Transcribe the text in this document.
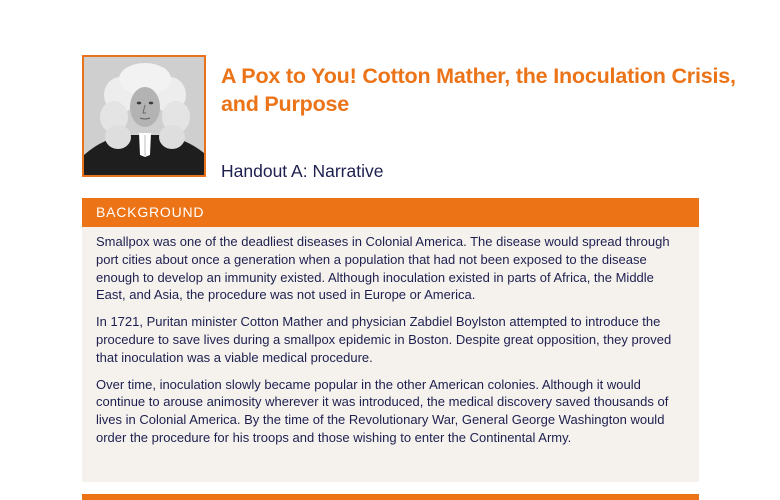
A Pox to You! Cotton Mather, the Inoculation Crisis, and Purpose
Handout A: Narrative
BACKGROUND

Smallpox was one of the deadliest diseases in Colonial America. The disease would spread through port cities about once a generation when a population that had not been exposed to the disease enough to develop an immunity existed. Although inoculation existed in parts of Africa, the Middle East, and Asia, the procedure was not used in Europe or America.

In 1721, Puritan minister Cotton Mather and physician Zabdiel Boylston attempted to introduce the procedure to save lives during a smallpox epidemic in Boston. Despite great opposition, they proved that inoculation was a viable medical procedure.

Over time, inoculation slowly became popular in the other American colonies. Although it would continue to arouse animosity wherever it was introduced, the medical discovery saved thousands of lives in Colonial America. By the time of the Revolutionary War, General George Washington would order the procedure for his troops and those wishing to enter the Continental Army.
